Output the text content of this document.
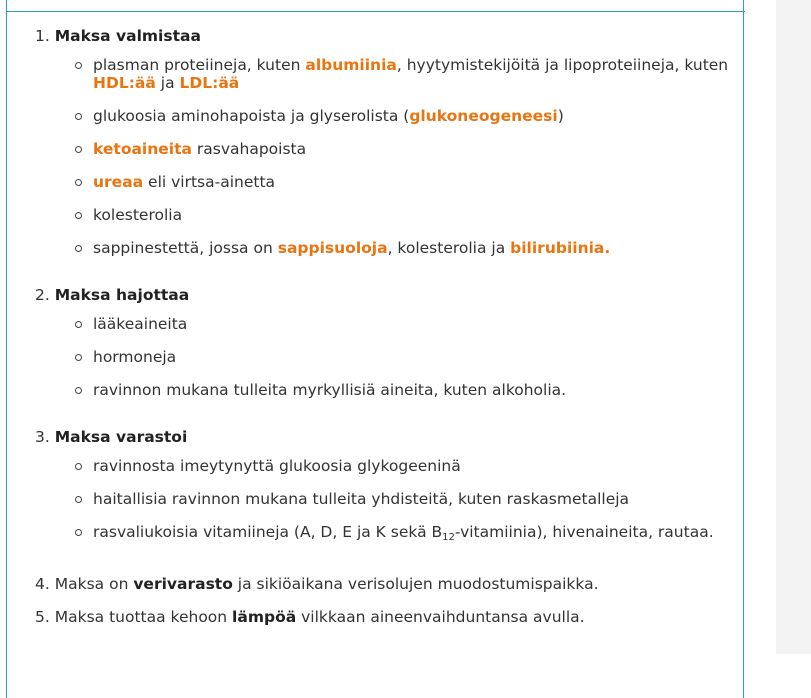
1. Maksa valmistaa
plasman proteiineja, kuten albumiinia, hyytymistekijöitä ja lipoproteiineja, kuten
HDL:ää ja LDL:ää
glukoosia aminohapoista ja glyserolista (glukoneogeneesi)
ketoaineita rasvahapoista
ureaa eli virtsa-ainetta
kolesterolia
sappinestettä, jossa on sappisuoloja, kolesterolia ja bilirubiinia.
2. Maksa hajottaa
lääkeaineita
hormoneja
ravinnon mukana tulleita myrkyllisiä aineita, kuten alkoholia.
3. Maksa varastoi
ravinnosta imeytynyttä glukoosia glykogeeninä
haitallisia ravinnon mukana tulleita yhdisteitä, kuten raskasmetalleja
rasvaliukoisia vitamiineja (A, D, E ja K sekä $B_{12}-vitamiinia$), hivenaineita, rautaa.
4. Maksa on verivarasto ja sikiöaikana verisolujen muodostumispaikka.
5. Maksa tuottaa kehoon lämpöä vilkkaan aineenvaihduntansa avulla.
